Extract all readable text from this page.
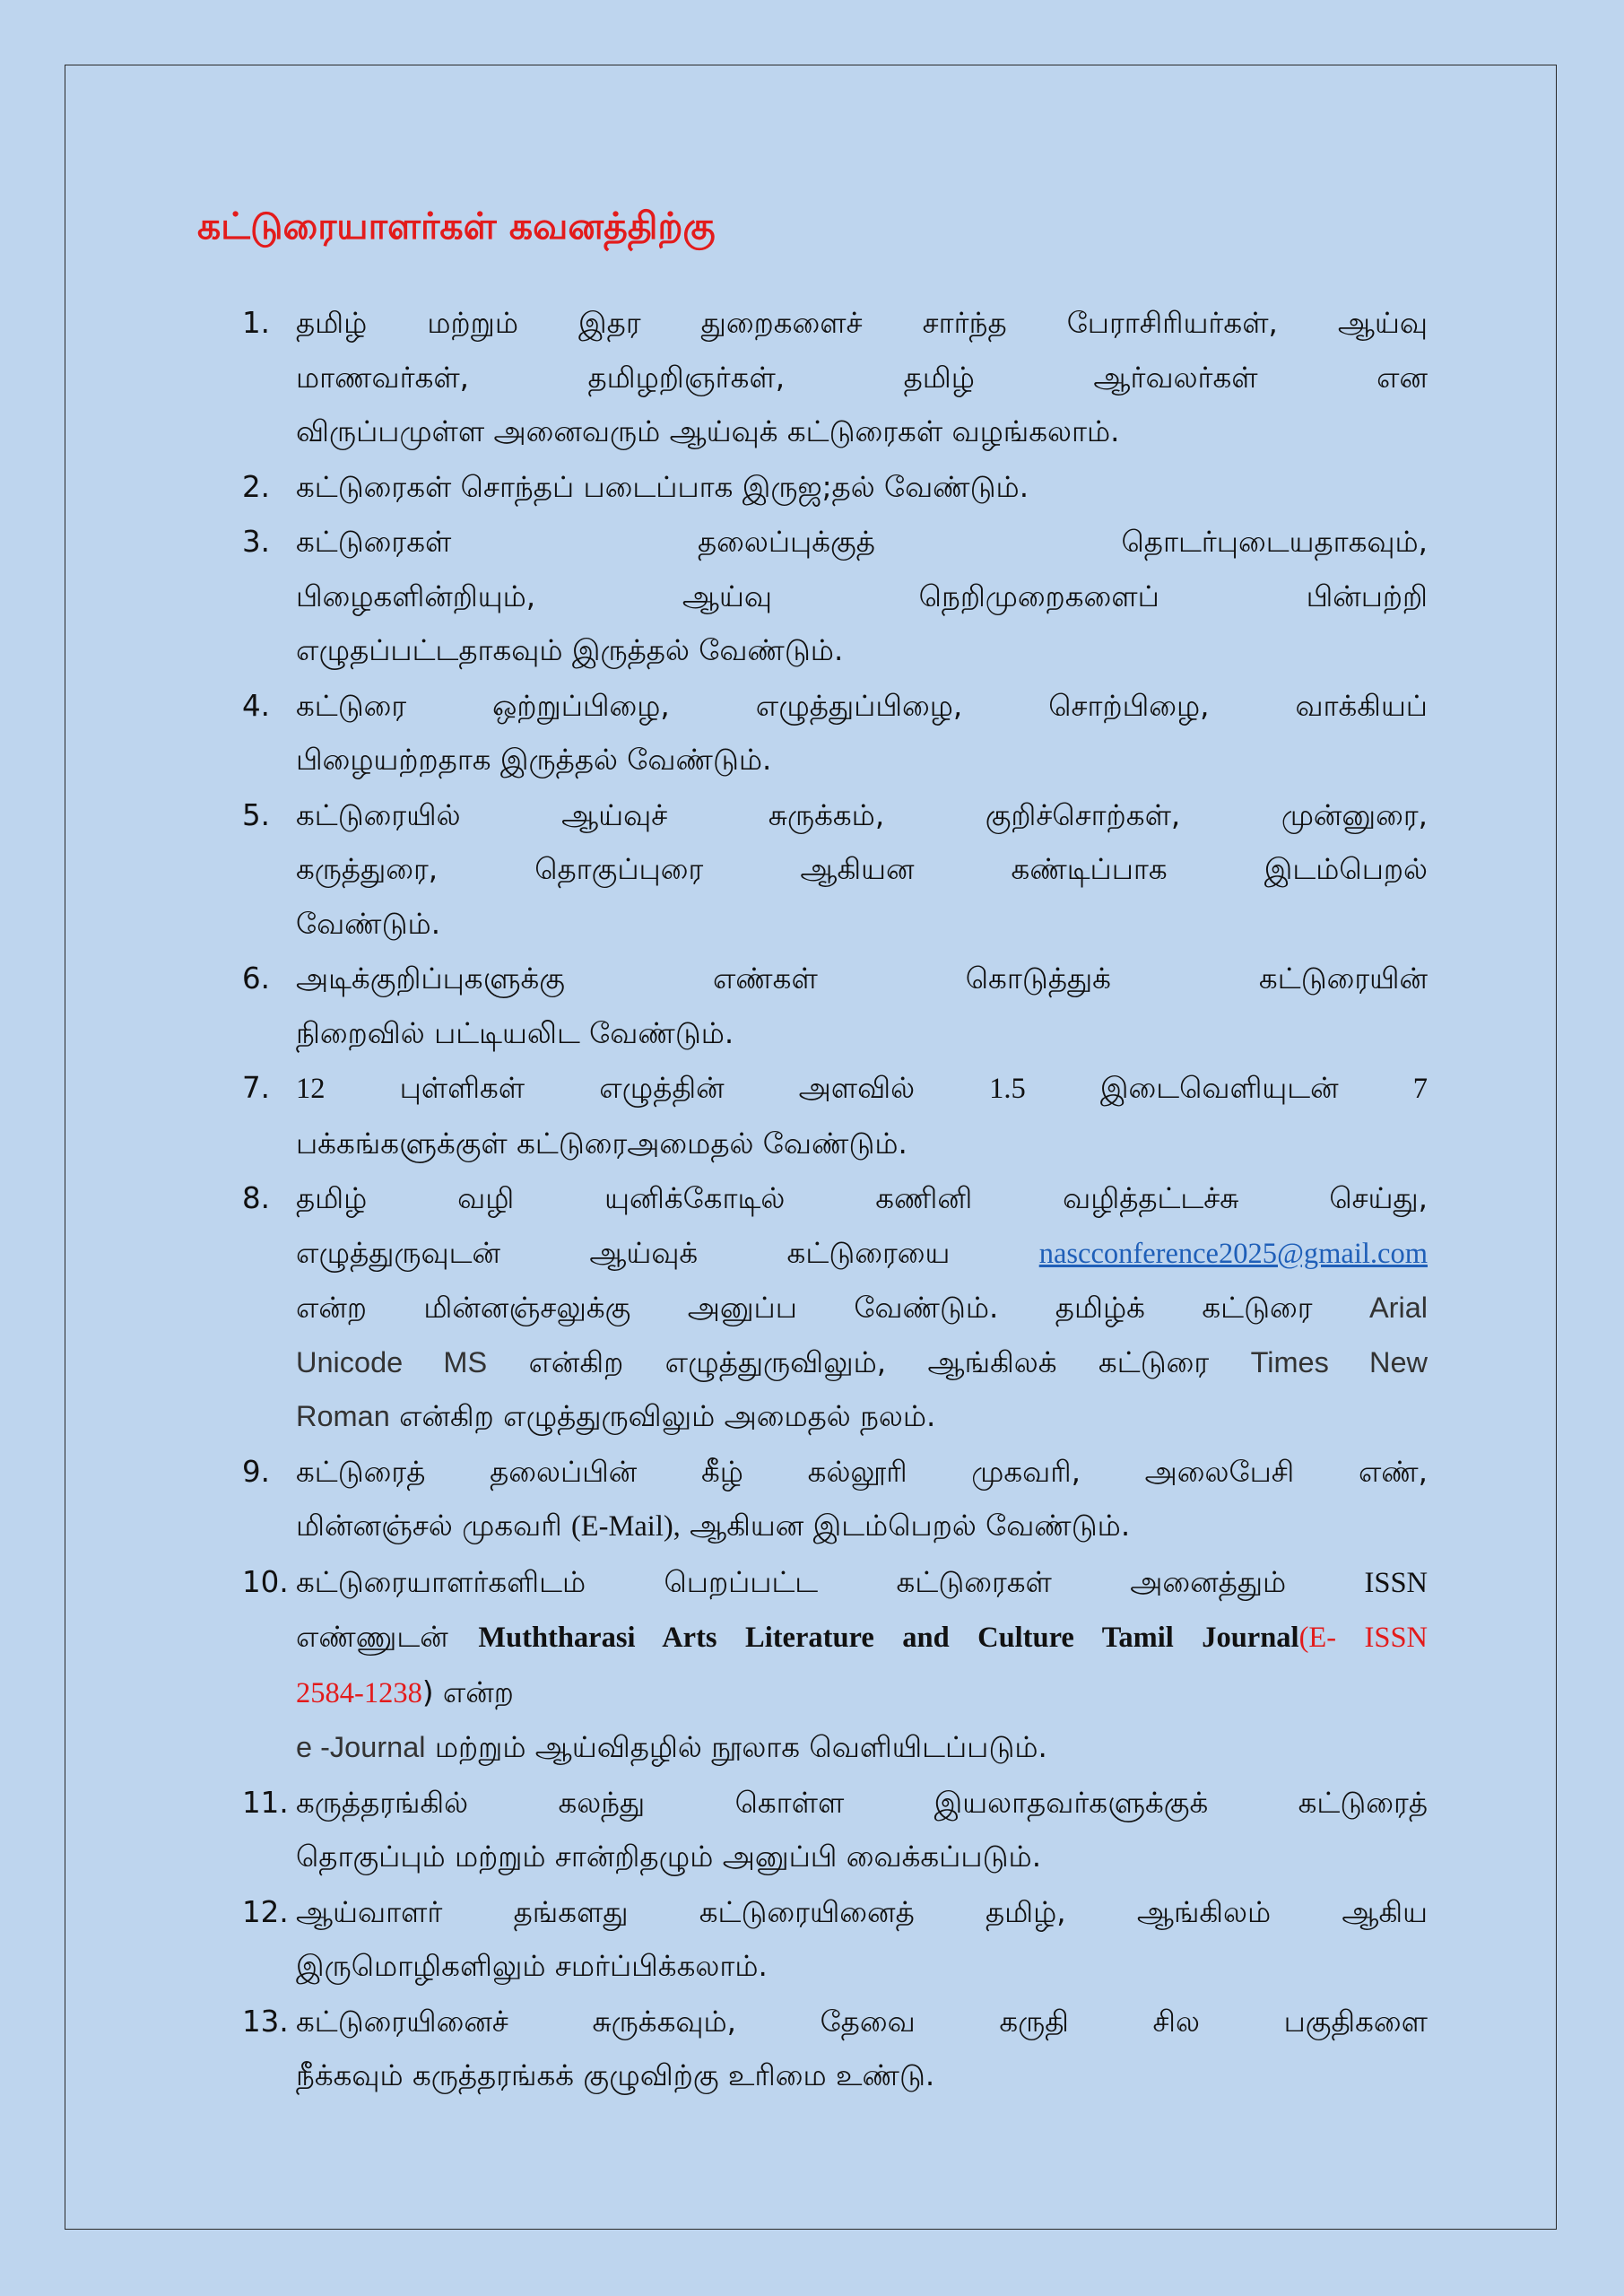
கட்டுரையாளர்கள் கவனத்திற்கு
1. தமிழ் மற்றும் இதர துறைகளைச் சார்ந்த பேராசிரியர்கள், ஆய்வு
மாணவர்கள், தமிழறிஞர்கள், தமிழ் ஆர்வலர்கள் என
விருப்பமுள்ள அனைவரும் ஆய்வுக் கட்டுரைகள் வழங்கலாம்.
2. கட்டுரைகள் சொந்தப் படைப்பாக இருஜ;தல் வேண்டும்.
3. கட்டுரைகள் தலைப்புக்குத் தொடர்புடையதாகவும்,
பிழைகளின்றியும், ஆய்வு நெறிமுறைகளைப் பின்பற்றி
எழுதப்பட்டதாகவும் இருத்தல் வேண்டும்.
4. கட்டுரை ஒற்றுப்பிழை, எழுத்துப்பிழை, சொற்பிழை, வாக்கியப்
பிழையற்றதாக இருத்தல் வேண்டும்.
5. கட்டுரையில் ஆய்வுச் சுருக்கம், குறிச்சொற்கள், முன்னுரை,
கருத்துரை, தொகுப்புரை ஆகியன கண்டிப்பாக இடம்பெறல்
வேண்டும்.
6. அடிக்குறிப்புகளுக்கு எண்கள் கொடுத்துக் கட்டுரையின்
நிறைவில் பட்டியலிட வேண்டும்.
7. 12	புள்ளிகள் எழுத்தின் அளவில்	1.5	இடைவெளியுடன்	7
பக்கங்களுக்குள் கட்டுரைஅமைதல் வேண்டும்.
8. தமிழ் வழி யுனிக்கோடில் கணினி வழித்தட்டச்சு செய்து,
எழுத்துருவுடன் ஆய்வுக் கட்டுரையை	nascconference2025@gmail.com
என்ற மின்னஞ்சலுக்கு அனுப்ப வேண்டும். தமிழ்க் கட்டுரை Arial
Unicode MS என்கிற எழுத்துருவிலும், ஆங்கிலக் கட்டுரை Times New
Roman என்கிற எழுத்துருவிலும் அமைதல் நலம்.
9. கட்டுரைத் தலைப்பின் கீழ் கல்லூரி முகவரி, அலைபேசி எண்,
மின்னஞ்சல் முகவரி (E-Mail), ஆகியன இடம்பெறல் வேண்டும்.
10. கட்டுரையாளர்களிடம் பெறப்பட்ட கட்டுரைகள் அனைத்தும்	ISSN
எண்ணுடன் Muththarasi Arts Literature and Culture Tamil Journal(E- ISSN
2584-1238) என்ற
e -Journal மற்றும் ஆய்விதழில் நூலாக வெளியிடப்படும்.
11. கருத்தரங்கில் கலந்து கொள்ள இயலாதவர்களுக்குக் கட்டுரைத்
தொகுப்பும் மற்றும் சான்றிதழும் அனுப்பி வைக்கப்படும்.
12. ஆய்வாளர் தங்களது கட்டுரையினைத் தமிழ், ஆங்கிலம் ஆகிய
இருமொழிகளிலும் சமர்ப்பிக்கலாம்.
13. கட்டுரையினைச் சுருக்கவும், தேவை கருதி சில பகுதிகளை
நீக்கவும் கருத்தரங்கக் குழுவிற்கு உரிமை உண்டு.
